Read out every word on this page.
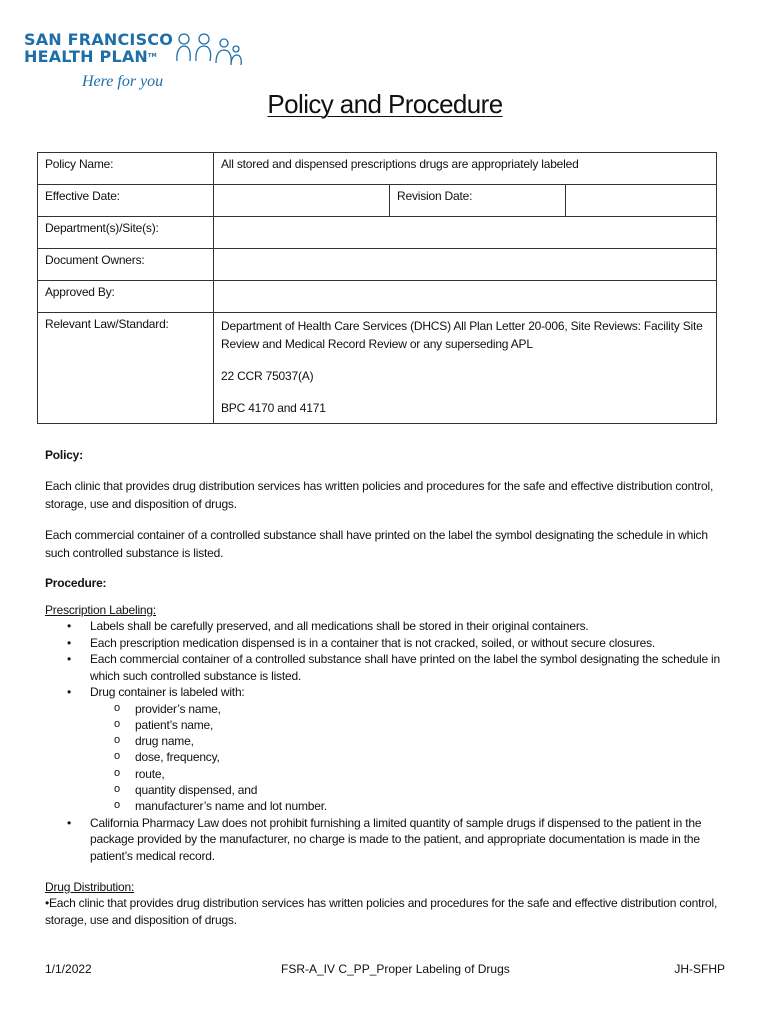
SAN FRANCISCO
HEALTH PLAN™
Here for you
Policy and Procedure
Policy Name:	All stored and dispensed prescriptions drugs are appropriately labeled		
Effective Date:		Revision Date:	
Department(s)/Site(s):			
Document Owners:			
Approved By:			
Relevant Law/Standard:	Department of Health Care Services (DHCS) All Plan Letter 20-006, Site Reviews: Facility Site Review and Medical Record Review or any superseding APL
22 CCR 75037(A)
BPC 4170 and 4171		
Policy:
Each clinic that provides drug distribution services has written policies and procedures for the safe and effective distribution control, storage, use and disposition of drugs.
Each commercial container of a controlled substance shall have printed on the label the symbol designating the schedule in which such controlled substance is listed.
Procedure:
Prescription Labeling:
• Labels shall be carefully preserved, and all medications shall be stored in their original containers.
• Each prescription medication dispensed is in a container that is not cracked, soiled, or without secure closures.
• Each commercial container of a controlled substance shall have printed on the label the symbol designating the schedule in which such controlled substance is listed.
• Drug container is labeled with:
o provider’s name,
o patient’s name,
o drug name,
o dose, frequency,
o route,
o quantity dispensed, and
o manufacturer’s name and lot number.
• California Pharmacy Law does not prohibit furnishing a limited quantity of sample drugs if dispensed to the patient in the package provided by the manufacturer, no charge is made to the patient, and appropriate documentation is made in the patient’s medical record.
Drug Distribution:
•Each clinic that provides drug distribution services has written policies and procedures for the safe and effective distribution control, storage, use and disposition of drugs.
1/1/2022	FSR-A_IV C_PP_Proper Labeling of Drugs	JH-SFHP
